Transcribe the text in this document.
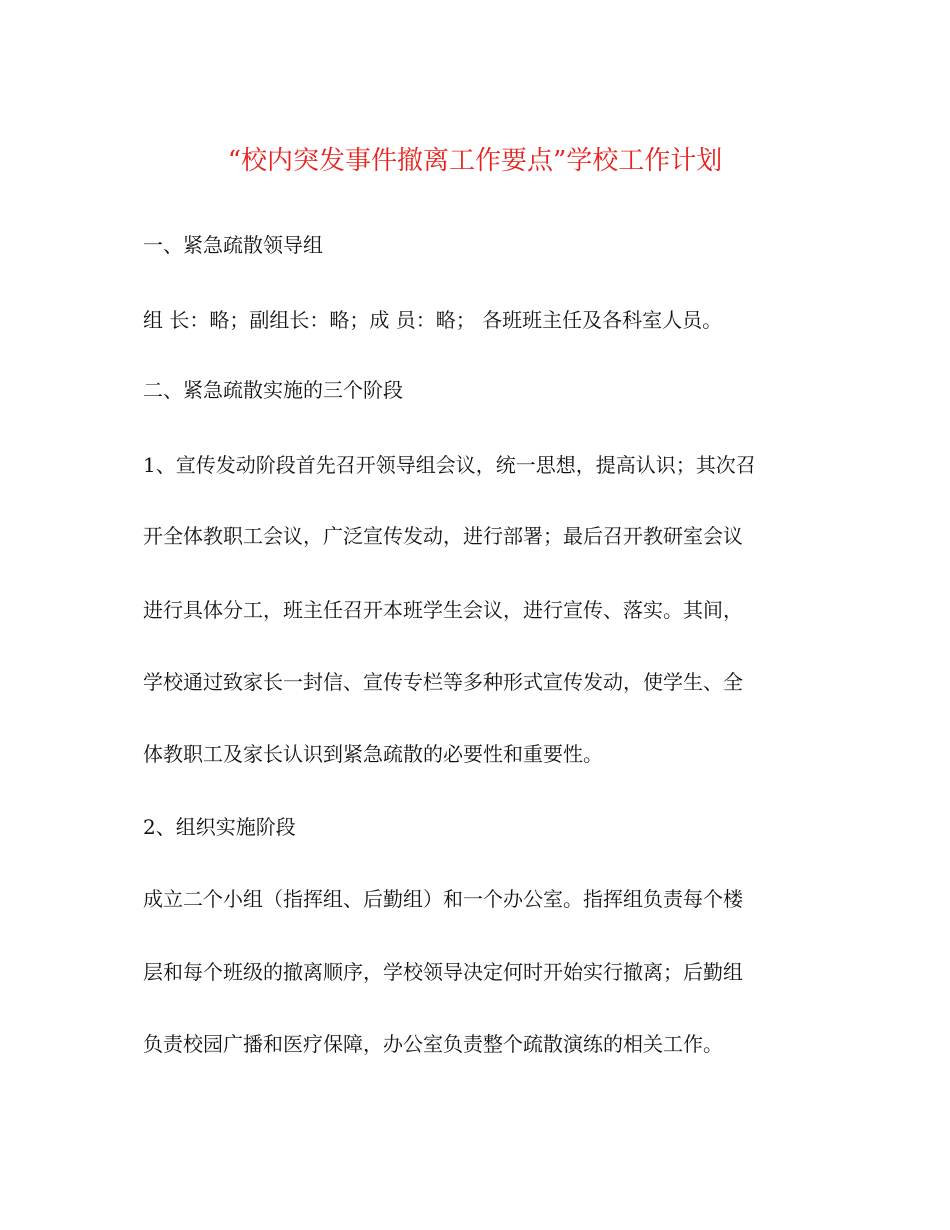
“校内突发事件撤离工作要点”学校工作计划
一、紧急疏散领导组
组 长：略；副组长：略；成 员：略； 各班班主任及各科室人员。
二、紧急疏散实施的三个阶段
1、宣传发动阶段首先召开领导组会议，统一思想，提高认识；其次召
开全体教职工会议，广泛宣传发动，进行部署；最后召开教研室会议
进行具体分工，班主任召开本班学生会议，进行宣传、落实。其间，
学校通过致家长一封信、宣传专栏等多种形式宣传发动，使学生、全
体教职工及家长认识到紧急疏散的必要性和重要性。
2、组织实施阶段
成立二个小组（指挥组、后勤组）和一个办公室。指挥组负责每个楼
层和每个班级的撤离顺序，学校领导决定何时开始实行撤离；后勤组
负责校园广播和医疗保障，办公室负责整个疏散演练的相关工作。
